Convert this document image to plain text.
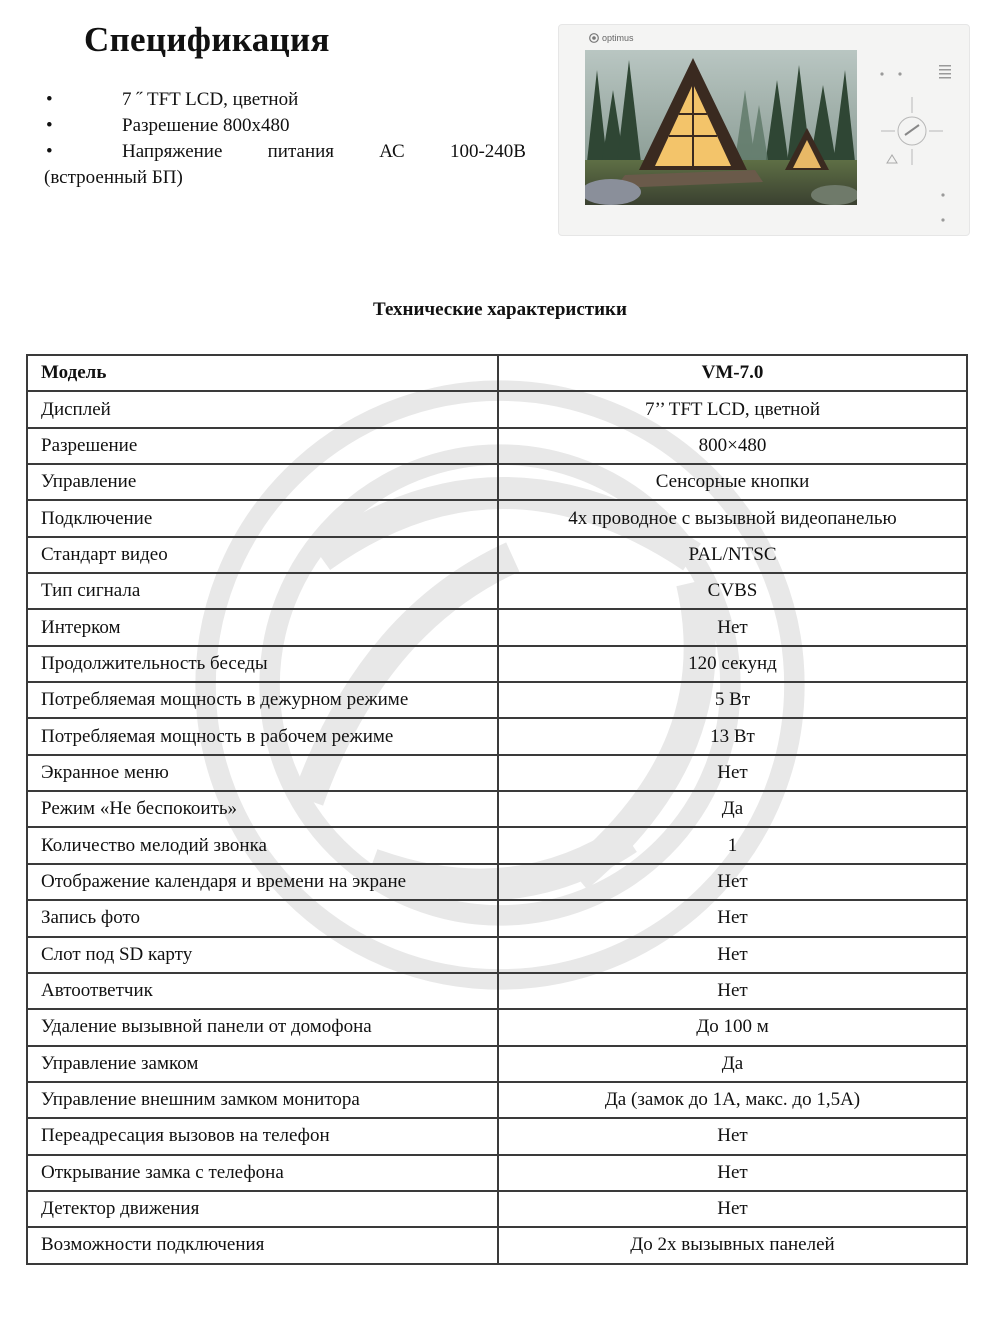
Спецификация
•	7 ˝ TFT LCD, цветной
•	Разрешение 800х480
•	Напряжение питания АС 100-240В
(встроенный БП)
optimus
Технические характеристики
Модель	VM-7.0
Дисплей	7’’ TFT LCD, цветной
Разрешение	800×480
Управление	Сенсорные кнопки
Подключение	4х проводное с вызывной видеопанелью
Стандарт видео	PAL/NTSC
Тип сигнала	CVBS
Интерком	Нет
Продолжительность беседы	120 секунд
Потребляемая мощность в дежурном режиме	5 Вт
Потребляемая мощность в рабочем режиме	13 Вт
Экранное меню	Нет
Режим «Не беспокоить»	Да
Количество мелодий звонка	1
Отображение календаря и времени на экране	Нет
Запись фото	Нет
Слот под SD карту	Нет
Автоответчик	Нет
Удаление вызывной панели от домофона	До 100 м
Управление замком	Да
Управление внешним замком монитора	Да (замок до 1А, макс. до 1,5А)
Переадресация вызовов на телефон	Нет
Открывание замка с телефона	Нет
Детектор движения	Нет
Возможности подключения	До 2х вызывных панелей
